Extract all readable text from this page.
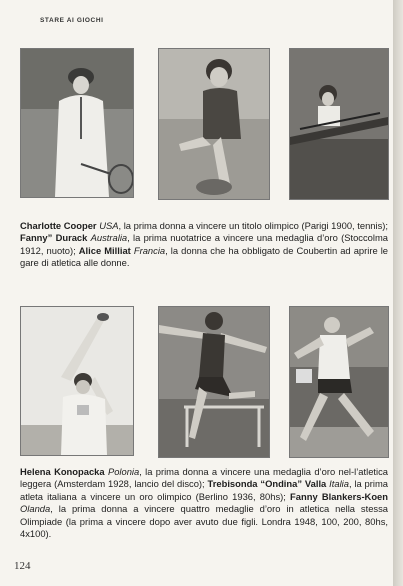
STARE AI GIOCHI
Charlotte Cooper USA, la prima donna a vincere un titolo olimpico (Parigi 1900, tennis); Fanny” Durack Australia, la prima nuotatrice a vincere una medaglia d’oro (Stoccolma 1912, nuoto); Alice Milliat Francia, la donna che ha obbligato de Coubertin ad aprire le gare di atletica alle donne.
Helena Konopacka Polonia, la prima donna a vincere una medaglia d’oro nel-l’atletica leggera (Amsterdam 1928, lancio del disco); Trebisonda “Ondina” Valla Italia, la prima atleta italiana a vincere un oro olimpico (Berlino 1936, 80hs); Fanny Blankers-Koen Olanda, la prima donna a vincere quattro medaglie d’oro in atletica nella stessa Olimpiade (la prima a vincere dopo aver avuto due figli. Londra 1948, 100, 200, 80hs, 4x100).
124
